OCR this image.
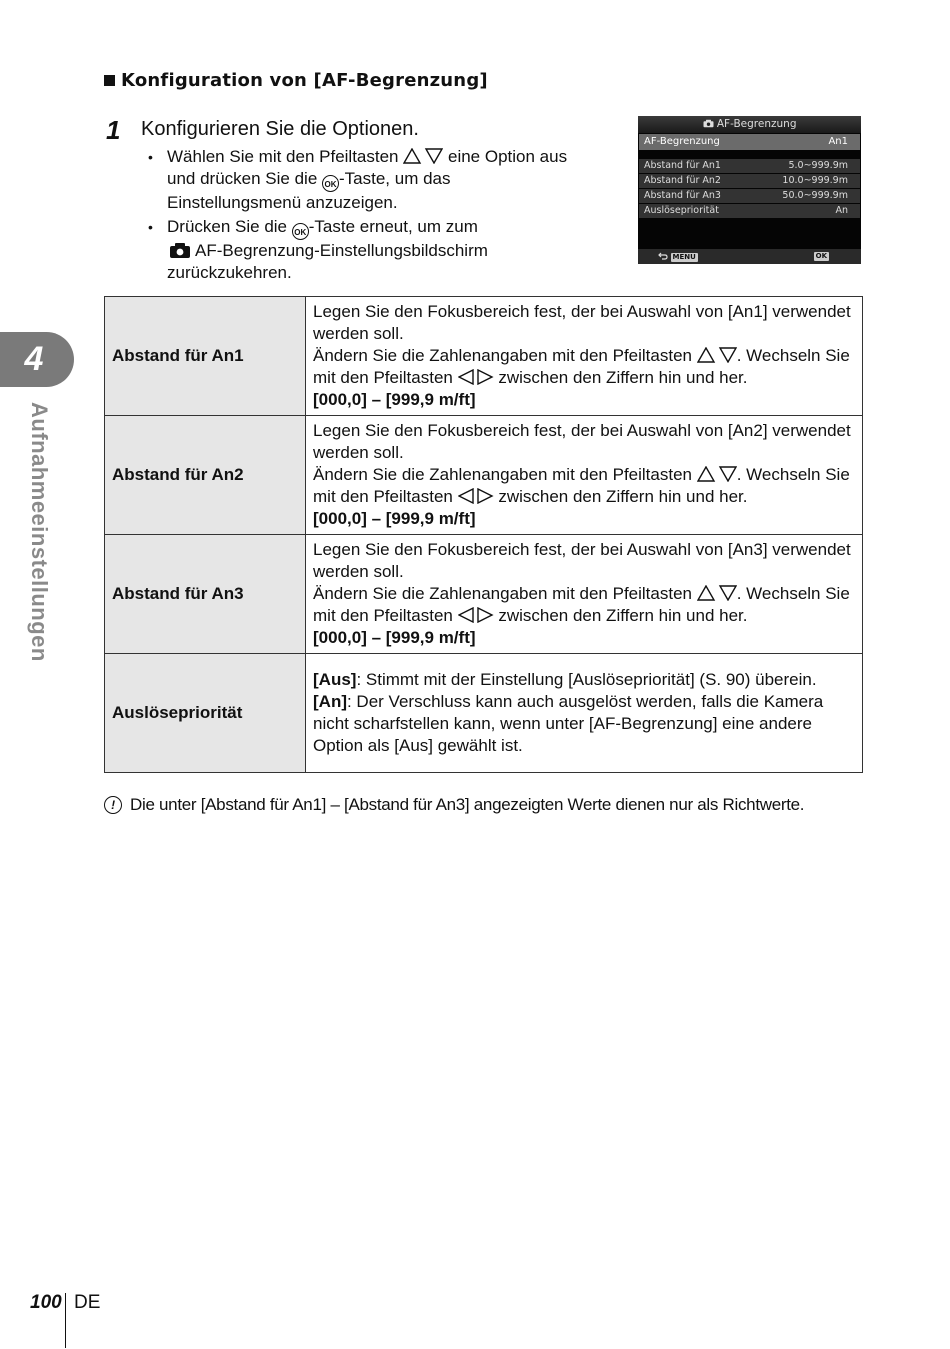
Konfiguration von [AF-Begrenzung]
1 Konfigurieren Sie die Optionen.
• Wählen Sie mit den Pfeiltasten	eine Option aus und drücken Sie die OK -Taste, um das Einstellungsmenü anzuzeigen.
• Drücken Sie die OK -Taste erneut, um zum
AF-Begrenzung-Einstellungsbildschirm zurückzukehren.
AF-Begrenzung
AF-Begrenzung	An1
Abstand für An1	5.0~999.9m
Abstand für An2	10.0~999.9m
Abstand für An3	50.0~999.9m
Auslösepriorität	An
MENU	OK
Abstand für An1	Legen Sie den Fokusbereich fest, der bei Auswahl von [An1] verwendet werden soll.
Ändern Sie die Zahlenangaben mit den Pfeiltasten . Wechseln Sie mit den Pfeiltasten zwischen den Ziffern hin und her.
[000,0] – [999,9 m/ft]
Abstand für An2	Legen Sie den Fokusbereich fest, der bei Auswahl von [An2] verwendet werden soll.
Ändern Sie die Zahlenangaben mit den Pfeiltasten . Wechseln Sie mit den Pfeiltasten zwischen den Ziffern hin und her.
[000,0] – [999,9 m/ft]
Abstand für An3	Legen Sie den Fokusbereich fest, der bei Auswahl von [An3] verwendet werden soll.
Ändern Sie die Zahlenangaben mit den Pfeiltasten . Wechseln Sie mit den Pfeiltasten zwischen den Ziffern hin und her.
[000,0] – [999,9 m/ft]
Auslösepriorität	[Aus]: Stimmt mit der Einstellung [Auslösepriorität] (S. 90) überein.
[An]: Der Verschluss kann auch ausgelöst werden, falls die Kamera nicht scharfstellen kann, wenn unter [AF-Begrenzung] eine andere Option als [Aus] gewählt ist.
! Die unter [Abstand für An1] – [Abstand für An3] angezeigten Werte dienen nur als Richtwerte.
4
Aufnahmeeinstellungen
100 DE
